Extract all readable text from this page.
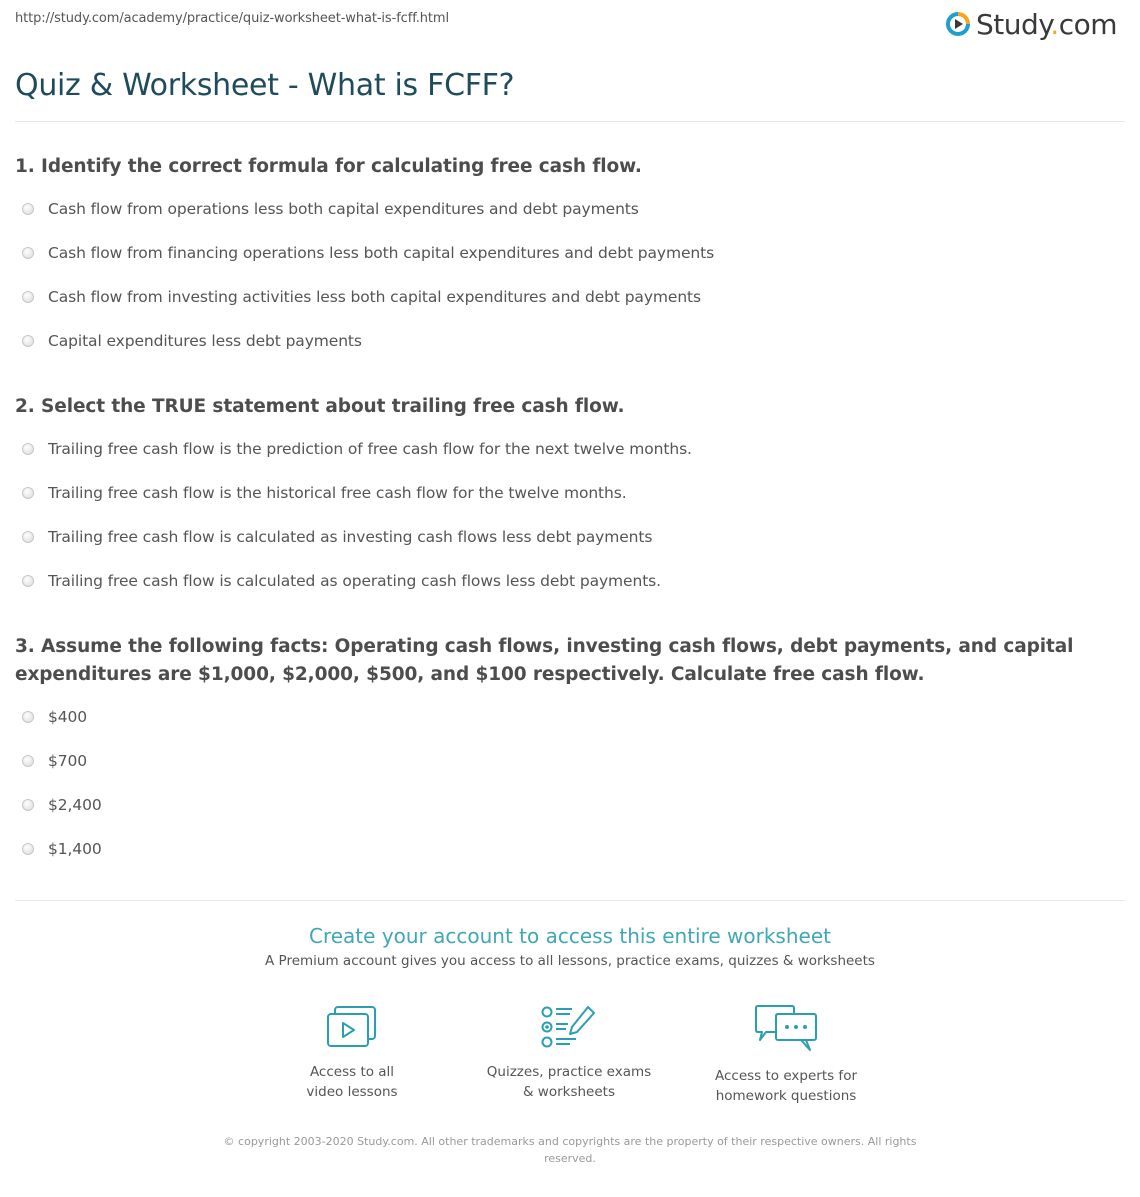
http://study.com/academy/practice/quiz-worksheet-what-is-fcff.html	Study.com
Quiz & Worksheet - What is FCFF?
1. Identify the correct formula for calculating free cash flow.
Cash flow from operations less both capital expenditures and debt payments
Cash flow from financing operations less both capital expenditures and debt payments
Cash flow from investing activities less both capital expenditures and debt payments
Capital expenditures less debt payments
2. Select the TRUE statement about trailing free cash flow.
Trailing free cash flow is the prediction of free cash flow for the next twelve months.
Trailing free cash flow is the historical free cash flow for the twelve months.
Trailing free cash flow is calculated as investing cash flows less debt payments
Trailing free cash flow is calculated as operating cash flows less debt payments.
3. Assume the following facts: Operating cash flows, investing cash flows, debt payments, and capital expenditures are $1,000, $2,000, $500, and $100 respectively. Calculate free cash flow.
$400
$700
$2,400
$1,400
Create your account to access this entire worksheet
A Premium account gives you access to all lessons, practice exams, quizzes & worksheets
Access to all
video lessons
Quizzes, practice exams
& worksheets
Access to experts for
homework questions
© copyright 2003-2020 Study.com. All other trademarks and copyrights are the property of their respective owners. All rights reserved.
